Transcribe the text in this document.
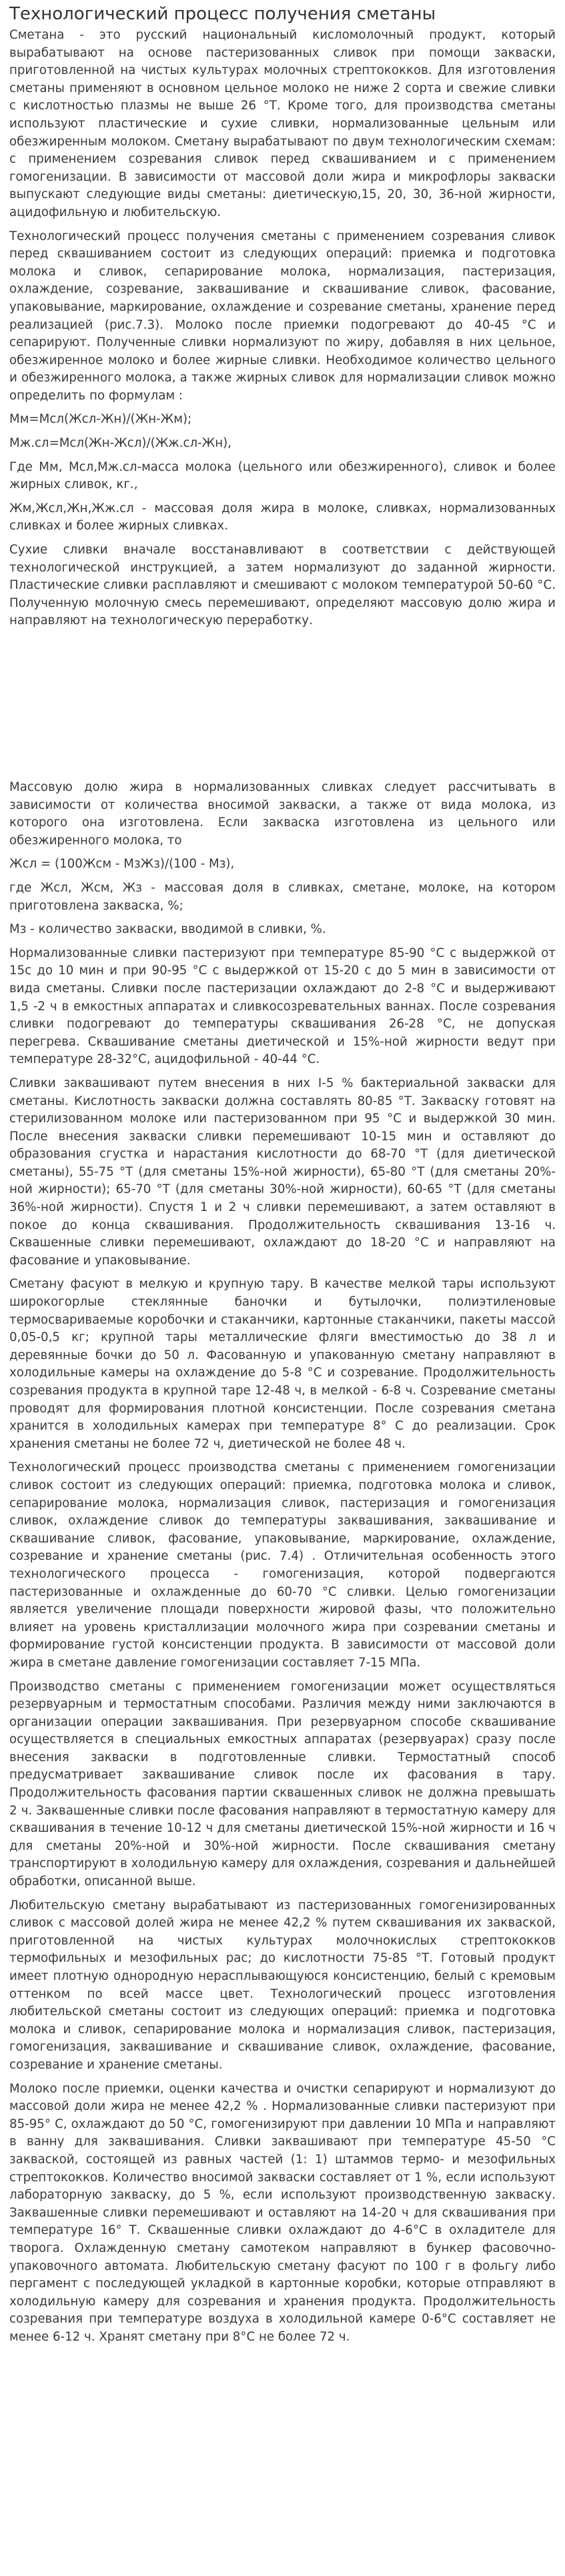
Технологический процесс получения сметаны

Сметана - это русский национальный кисломолочный продукт, который вырабатывают на основе пастеризованных сливок при помощи закваски, приготовленной на чистых культурах молочных стрептококков. Для изготовления сметаны применяют в основном цельное молоко не ниже 2 сорта и свежие сливки с кислотностью плазмы не выше 26 °Т. Кроме того, для производства сметаны используют пластические и сухие сливки, нормализованные цельным или обезжиренным молоком. Сметану вырабатывают по двум технологическим схемам: с применением созревания сливок перед сквашиванием и с применением гомогенизации. В зависимости от массовой доли жира и микрофлоры закваски выпускают следующие виды сметаны: диетическую,15, 20, 30, 36-ной жирности, ацидофильную и любительскую.

Технологический процесс получения сметаны с применением созревания сливок перед сквашиванием состоит из следующих операций: приемка и подготовка молока и сливок, сепарирование молока, нормализация, пастеризация, охлаждение, созревание, заквашивание и сквашивание сливок, фасование, упаковывание, маркирование, охлаждение и созревание сметаны, хранение перед реализацией (рис.7.3). Молоко после приемки подогревают до 40-45 °С и сепарируют. Полученные сливки нормализуют по жиру, добавляя в них цельное, обезжиренное молоко и более жирные сливки. Необходимое количество цельного и обезжиренного молока, а также жирных сливок для нормализации сливок можно определить по формулам :

Мм=Мсл(Жсл-Жн)/(Жн-Жм);

Мж.сл=Мсл(Жн-Жсл)/(Жж.сл-Жн),

Где Мм, Мсл,Мж.сл-масса молока (цельного или обезжиренного), сливок и более жирных сливок, кг.,

Жм,Жсл,Жн,Жж.сл - массовая доля жира в молоке, сливках, нормализованных сливках и более жирных сливках.

Сухие сливки вначале восстанавливают в соответствии с действующей технологической инструкцией, а затем нормализуют до заданной жирности. Пластические сливки расплавляют и смешивают с молоком температурой 50-60 °С. Полученную молочную смесь перемешивают, определяют массовую долю жира и направляют на технологическую переработку.

Массовую долю жира в нормализованных сливках следует рассчитывать в зависимости от количества вносимой закваски, а также от вида молока, из которого она изготовлена. Если закваска изготовлена из цельного или обезжиренного молока, то

Жсл = (100Жсм - МзЖз)/(100 - Мз),

где Жсл, Жсм, Жз - массовая доля в сливках, сметане, молоке, на котором приготовлена закваска, %;

Мз - количество закваски, вводимой в сливки, %.

Нормализованные сливки пастеризуют при температуре 85-90 °С с выдержкой от 15с до 10 мин и при 90-95 °С с выдержкой от 15-20 с до 5 мин в зависимости от вида сметаны. Сливки после пастеризации охлаждают до 2-8 °С и выдерживают 1,5 -2 ч в емкостных аппаратах и сливкосозревательных ваннах. После созревания сливки подогревают до температуры сквашивания 26-28 °С, не допуская перегрева. Сквашивание сметаны диетической и 15%-ной жирности ведут при температуре 28-32°С, ацидофильной - 40-44 °С.

Сливки заквашивают путем внесения в них I-5 % бактериальной закваски для сметаны. Кислотность закваски должна составлять 80-85 °Т. Закваску готовят на стерилизованном молоке или пастеризованном при 95 °С и выдержкой 30 мин. После внесения закваски сливки перемешивают 10-15 мин и оставляют до образования сгустка и нарастания кислотности до 68-70 °Т (для диетической сметаны), 55-75 °Т (для сметаны 15%-ной жирности), 65-80 °Т (для сметаны 20%-ной жирности); 65-70 °Т (для сметаны 30%-ной жирности), 60-65 °Т (для сметаны 36%-ной жирности). Спустя 1 и 2 ч сливки перемешивают, а затем оставляют в покое до конца сквашивания. Продолжительность сквашивания 13-16 ч. Сквашенные сливки перемешивают, охлаждают до 18-20 °С и направляют на фасование и упаковывание.

Сметану фасуют в мелкую и крупную тару. В качестве мелкой тары используют широкогорлые стеклянные баночки и бутылочки, полиэтиленовые термосвариваемые коробочки и стаканчики, картонные стаканчики, пакеты массой 0,05-0,5 кг; крупной тары металлические фляги вместимостью до 38 л и деревянные бочки до 50 л. Фасованную и упакованную сметану направляют в холодильные камеры на охлаждение до 5-8 °С и созревание. Продолжительность созревания продукта в крупной таре 12-48 ч, в мелкой - 6-8 ч. Созревание сметаны проводят для формирования плотной консистенции. После созревания сметана хранится в холодильных камерах при температуре 8° С до реализации. Срок хранения сметаны не более 72 ч, диетической не более 48 ч.

Технологический процесс производства сметаны с применением гомогенизации сливок состоит из следующих операций: приемка, подготовка молока и сливок, сепарирование молока, нормализация сливок, пастеризация и гомогенизация сливок, охлаждение сливок до температуры заквашивания, заквашивание и сквашивание сливок, фасование, упаковывание, маркирование, охлаждение, созревание и хранение сметаны (рис. 7.4) . Отличительная особенность этого технологического процесса - гомогенизация, которой подвергаются пастеризованные и охлажденные до 60-70 °С сливки. Целью гомогенизации является увеличение площади поверхности жировой фазы, что положительно влияет на уровень кристаллизации молочного жира при созревании сметаны и формирование густой консистенции продукта. В зависимости от массовой доли жира в сметане давление гомогенизации составляет 7-15 МПа.

Производство сметаны с применением гомогенизации может осуществляться резервуарным и термостатным способами. Различия между ними заключаются в организации операции заквашивания. При резервуарном способе сквашивание осуществляется в специальных емкостных аппаратах (резервуарах) сразу после внесения закваски в подготовленные сливки. Термостатный способ предусматривает заквашивание сливок после их фасования в тару. Продолжительность фасования партии сквашенных сливок не должна превышать 2 ч. Заквашенные сливки после фасования направляют в термостатную камеру для сквашивания в течение 10-12 ч для сметаны диетической 15%-ной жирности и 16 ч для сметаны 20%-ной и 30%-ной жирности. После сквашивания сметану транспортируют в холодильную камеру для охлаждения, созревания и дальнейшей обработки, описанной выше.

Любительскую сметану вырабатывают из пастеризованных гомогенизированных сливок с массовой долей жира не менее 42,2 % путем сквашивания их закваской, приготовленной на чистых культурах молочнокислых стрептококков термофильных и мезофильных рас; до кислотности 75-85 °Т. Готовый продукт имеет плотную однородную нерасплывающуюся консистенцию, белый с кремовым оттенком по всей массе цвет. Технологический процесс изготовления любительской сметаны состоит из следующих операций: приемка и подготовка молока и сливок, сепарирование молока и нормализация сливок, пастеризация, гомогенизация, заквашивание и сквашивание сливок, охлаждение, фасование, созревание и хранение сметаны.

Молоко после приемки, оценки качества и очистки сепарируют и нормализуют до массовой доли жира не менее 42,2 % . Нормализованные сливки пастеризуют при 85-95° С, охлаждают до 50 °С, гомогенизируют при давлении 10 МПа и направляют в ванну для заквашивания. Сливки заквашивают при температуре 45-50 °С закваской, состоящей из равных частей (1: 1) штаммов термо- и мезофильных стрептококков. Количество вносимой закваски составляет от 1 %, если используют лабораторную закваску, до 5 %, если используют производственную закваску. Заквашенные сливки перемешивают и оставляют на 14-20 ч для сквашивания при температуре 16° Т. Сквашенные сливки охлаждают до 4-6°С в охладителе для творога. Охлажденную сметану самотеком направляют в бункер фасовочно-упаковочного автомата. Любительскую сметану фасуют по 100 г в фольгу либо пергамент с последующей укладкой в картонные коробки, которые отправляют в холодильную камеру для созревания и хранения продукта. Продолжительность созревания при температуре воздуха в холодильной камере 0-6°С составляет не менее 6-12 ч. Хранят сметану при 8°С не более 72 ч.
